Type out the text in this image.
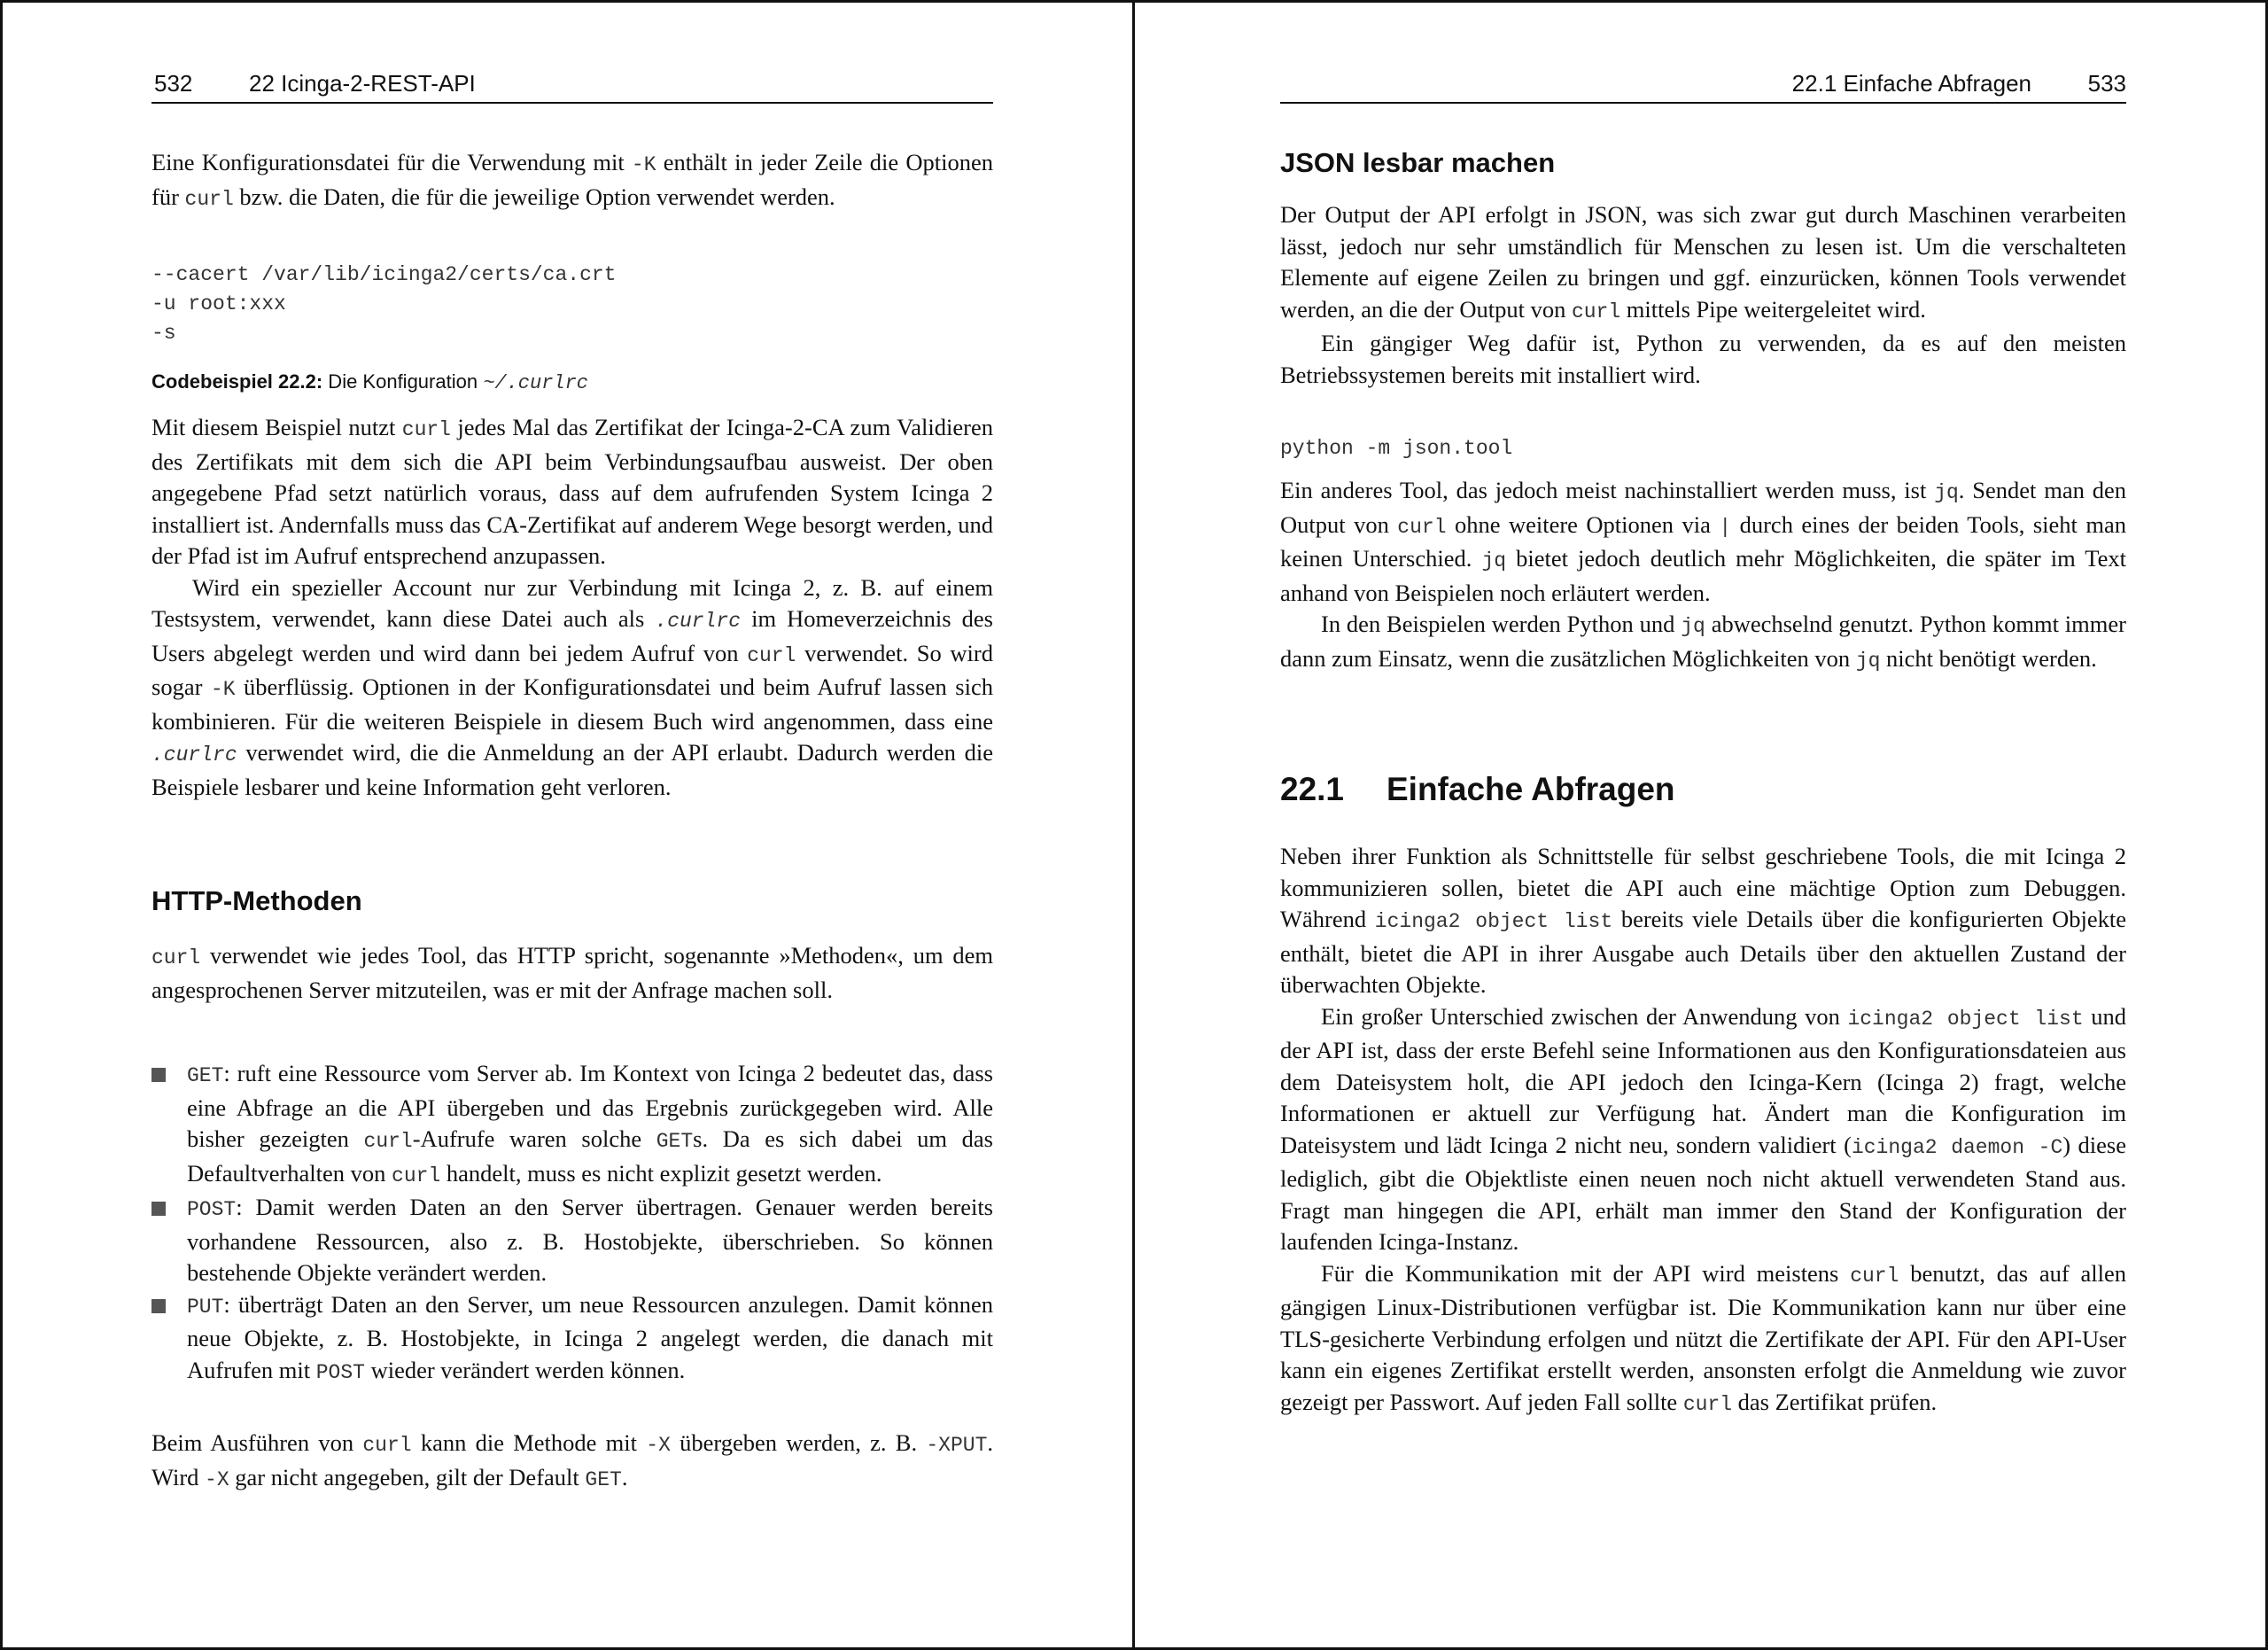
532 22 Icinga-2-REST-API

Eine Konfigurationsdatei für die Verwendung mit -K enthält in jeder Zeile die Optionen für curl bzw. die Daten, die für die jeweilige Option verwendet werden.

--cacert /var/lib/icinga2/certs/ca.crt
-u root:xxx
-s
Codebeispiel 22.2: Die Konfiguration ~/.curlrc

Mit diesem Beispiel nutzt curl jedes Mal das Zertifikat der Icinga-2-CA zum Validieren des Zertifikats mit dem sich die API beim Verbindungsaufbau ausweist. Der oben angegebene Pfad setzt natürlich voraus, dass auf dem aufrufenden System Icinga 2 installiert ist. Andernfalls muss das CA-Zertifikat auf anderem Wege besorgt werden, und der Pfad ist im Aufruf entsprechend anzupassen.

Wird ein spezieller Account nur zur Verbindung mit Icinga 2, z. B. auf einem Testsystem, verwendet, kann diese Datei auch als .curlrc im Homeverzeichnis des Users abgelegt werden und wird dann bei jedem Aufruf von curl verwendet. So wird sogar -K überflüssig. Optionen in der Konfigurationsdatei und beim Aufruf lassen sich kombinieren. Für die weiteren Beispiele in diesem Buch wird angenommen, dass eine .curlrc verwendet wird, die die Anmeldung an der API erlaubt. Dadurch werden die Beispiele lesbarer und keine Information geht verloren.

HTTP-Methoden

curl verwendet wie jedes Tool, das HTTP spricht, sogenannte »Methoden«, um dem angesprochenen Server mitzuteilen, was er mit der Anfrage machen soll.

GET: ruft eine Ressource vom Server ab. Im Kontext von Icinga 2 bedeutet das, dass eine Abfrage an die API übergeben und das Ergebnis zurückgegeben wird. Alle bisher gezeigten curl-Aufrufe waren solche GETs. Da es sich dabei um das Defaultverhalten von curl handelt, muss es nicht explizit gesetzt werden.
POST: Damit werden Daten an den Server übertragen. Genauer werden bereits vorhandene Ressourcen, also z. B. Hostobjekte, überschrieben. So können bestehende Objekte verändert werden.
PUT: überträgt Daten an den Server, um neue Ressourcen anzulegen. Damit können neue Objekte, z. B. Hostobjekte, in Icinga 2 angelegt werden, die danach mit Aufrufen mit POST wieder verändert werden können.

Beim Ausführen von curl kann die Methode mit -X übergeben werden, z. B. -XPUT. Wird -X gar nicht angegeben, gilt der Default GET.

22.1 Einfache Abfragen 533
JSON lesbar machen

Der Output der API erfolgt in JSON, was sich zwar gut durch Maschinen verarbeiten lässt, jedoch nur sehr umständlich für Menschen zu lesen ist. Um die verschalteten Elemente auf eigene Zeilen zu bringen und ggf. einzurücken, können Tools verwendet werden, an die der Output von curl mittels Pipe weitergeleitet wird.

Ein gängiger Weg dafür ist, Python zu verwenden, da es auf den meisten Betriebssystemen bereits mit installiert wird.

python -m json.tool

Ein anderes Tool, das jedoch meist nachinstalliert werden muss, ist jq. Sendet man den Output von curl ohne weitere Optionen via | durch eines der beiden Tools, sieht man keinen Unterschied. jq bietet jedoch deutlich mehr Möglichkeiten, die später im Text anhand von Beispielen noch erläutert werden.

In den Beispielen werden Python und jq abwechselnd genutzt. Python kommt immer dann zum Einsatz, wenn die zusätzlichen Möglichkeiten von jq nicht benötigt werden.

22.1 Einfache Abfragen

Neben ihrer Funktion als Schnittstelle für selbst geschriebene Tools, die mit Icinga 2 kommunizieren sollen, bietet die API auch eine mächtige Option zum Debuggen. Während icinga2 object list bereits viele Details über die konfigurierten Objekte enthält, bietet die API in ihrer Ausgabe auch Details über den aktuellen Zustand der überwachten Objekte.

Ein großer Unterschied zwischen der Anwendung von icinga2 object list und der API ist, dass der erste Befehl seine Informationen aus den Konfigurationsdateien aus dem Dateisystem holt, die API jedoch den Icinga-Kern (Icinga 2) fragt, welche Informationen er aktuell zur Verfügung hat. Ändert man die Konfiguration im Dateisystem und lädt Icinga 2 nicht neu, sondern validiert (icinga2 daemon -C) diese lediglich, gibt die Objektliste einen neuen noch nicht aktuell verwendeten Stand aus. Fragt man hingegen die API, erhält man immer den Stand der Konfiguration der laufenden Icinga-Instanz.

Für die Kommunikation mit der API wird meistens curl benutzt, das auf allen gängigen Linux-Distributionen verfügbar ist. Die Kommunikation kann nur über eine TLS-gesicherte Verbindung erfolgen und nützt die Zertifikate der API. Für den API-User kann ein eigenes Zertifikat erstellt werden, ansonsten erfolgt die Anmeldung wie zuvor gezeigt per Passwort. Auf jeden Fall sollte curl das Zertifikat prüfen.
